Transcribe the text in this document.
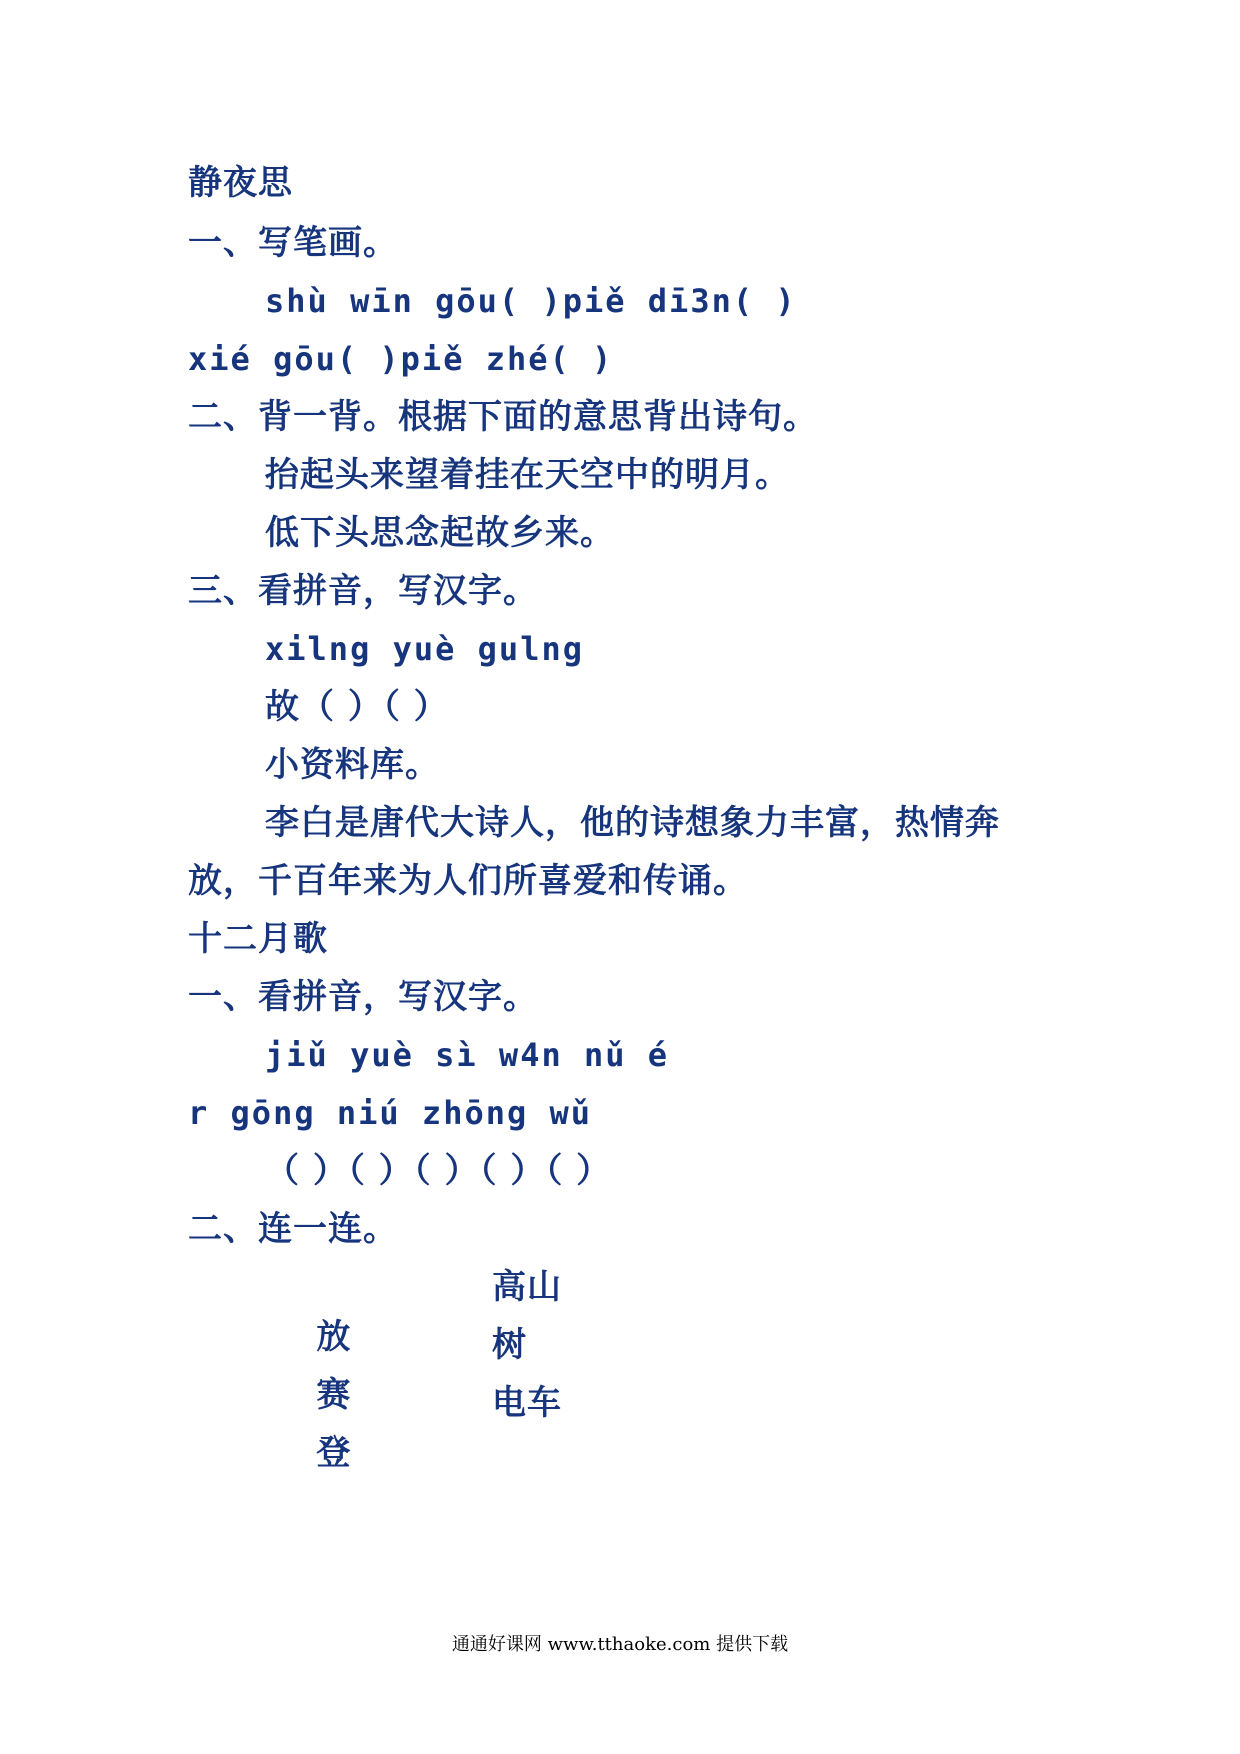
静夜思
一、写笔画。
shù wīn gōu( )piě dī3n( )
xié gōu( )piě zhé( )
二、背一背。根据下面的意思背出诗句。
抬起头来望着挂在天空中的明月。
低下头思念起故乡来。
三、看拼音，写汉字。
xilng yuè gulng
故（ ）（ ）
小资料库。
李白是唐代大诗人，他的诗想象力丰富，热情奔
放，千百年来为人们所喜爱和传诵。
十二月歌
一、看拼音，写汉字。
jiǔ yuè sì w4n nǔ é
r gōng niú zhōng wǔ
（ ）（ ）（ ）（ ）（ ）
二、连一连。

放

高山

赛

树

登

电车

通通好课网 www.tthaoke.com 提供下载
